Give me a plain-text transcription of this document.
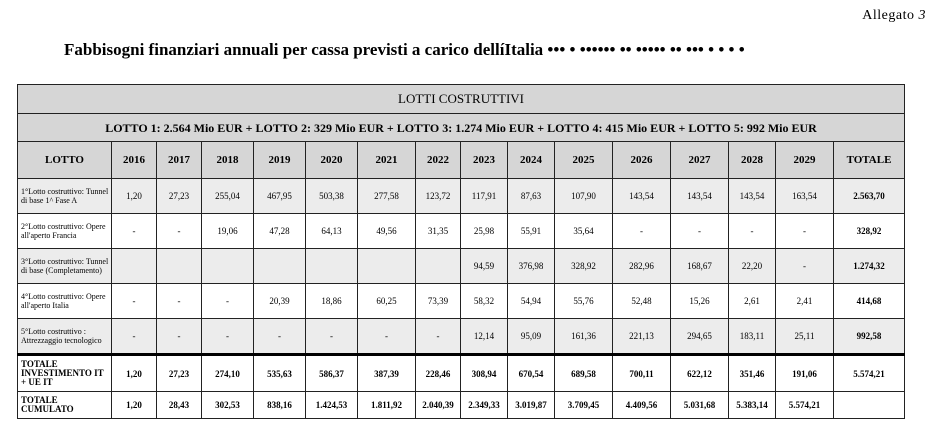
Allegato 3
Fabbisogni finanziari annuali per cassa previsti a carico dellíItalia ••• • •••••• •• ••••• •• ••• • • • •
LOTTI COSTRUTTIVI															
LOTTO 1: 2.564 Mio EUR + LOTTO 2: 329 Mio EUR + LOTTO 3: 1.274 Mio EUR + LOTTO 4: 415 Mio EUR + LOTTO 5: 992 Mio EUR															
LOTTO	2016	2017	2018	2019	2020	2021	2022	2023	2024	2025	2026	2027	2028	2029	TOTALE
1°Lotto costruttivo: Tunnel di base 1^ Fase A	1,20	27,23	255,04	467,95	503,38	277,58	123,72	117,91	87,63	107,90	143,54	143,54	143,54	163,54	2.563,70
2°Lotto costruttivo: Opere all'aperto Francia	-	-	19,06	47,28	64,13	49,56	31,35	25,98	55,91	35,64	-	-	-	-	328,92
3°Lotto costruttivo: Tunnel di base (Completamento)								94,59	376,98	328,92	282,96	168,67	22,20	-	1.274,32
4°Lotto costruttivo: Opere all'aperto Italia	-	-	-	20,39	18,86	60,25	73,39	58,32	54,94	55,76	52,48	15,26	2,61	2,41	414,68
5°Lotto costruttivo : Attrezzaggio tecnologico	-	-	-	-	-	-	-	12,14	95,09	161,36	221,13	294,65	183,11	25,11	992,58
TOTALE INVESTIMENTO IT + UE IT	1,20	27,23	274,10	535,63	586,37	387,39	228,46	308,94	670,54	689,58	700,11	622,12	351,46	191,06	5.574,21
TOTALE CUMULATO	1,20	28,43	302,53	838,16	1.424,53	1.811,92	2.040,39	2.349,33	3.019,87	3.709,45	4.409,56	5.031,68	5.383,14	5.574,21	
